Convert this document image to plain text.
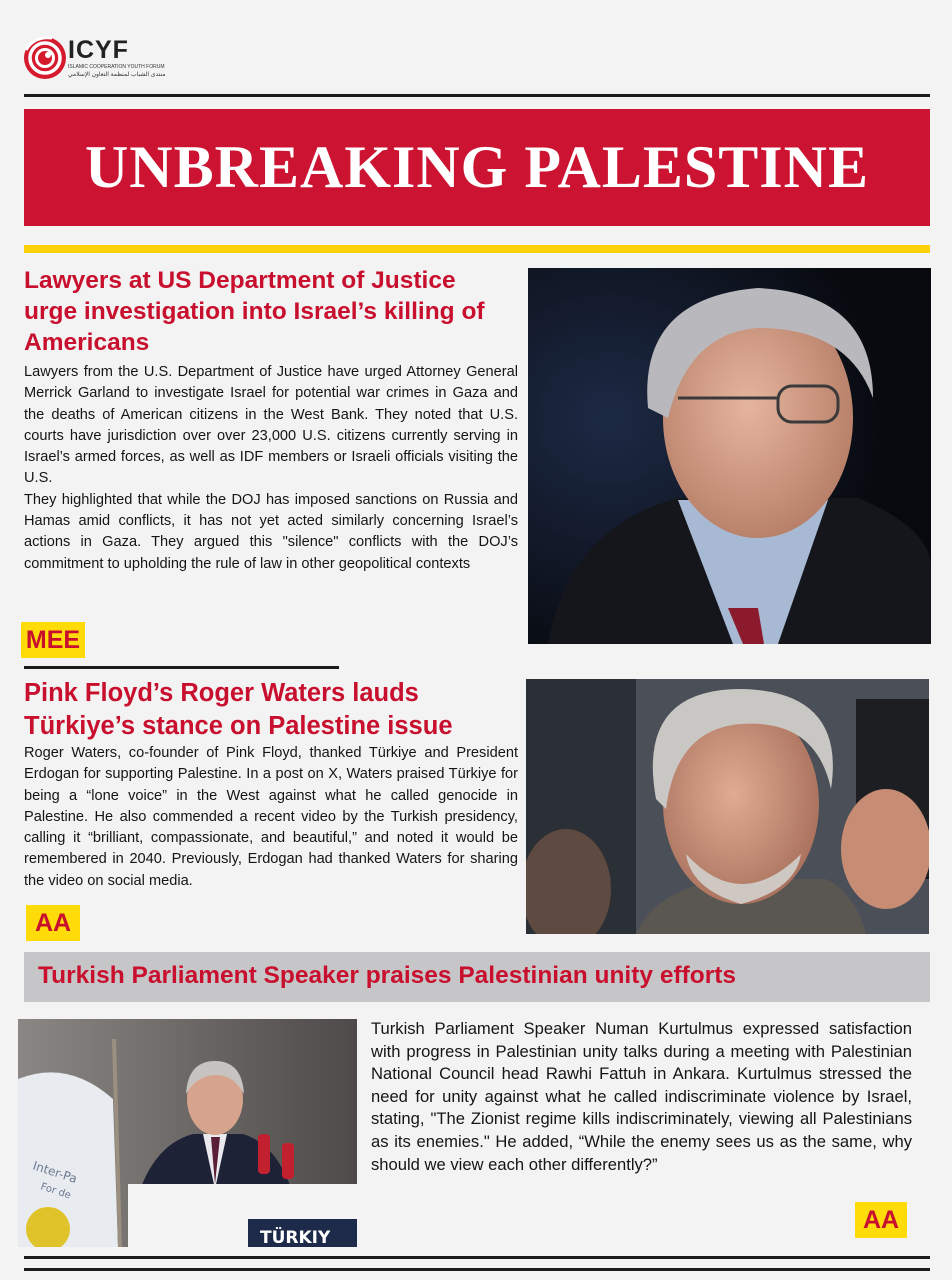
ICYF
ISLAMIC COOPERATION YOUTH FORUM
منتدى الشباب لمنظمة التعاون الإسلامي
UNBREAKING PALESTINE
Lawyers at US Department of Justice urge investigation into Israel’s killing of Americans
Lawyers from the U.S. Department of Justice have urged Attorney General Merrick Garland to investigate Israel for potential war crimes in Gaza and the deaths of American citizens in the West Bank. They noted that U.S. courts have jurisdiction over over 23,000 U.S. citizens currently serving in Israel’s armed forces, as well as IDF members or Israeli officials visiting the U.S.
They highlighted that while the DOJ has imposed sanctions on Russia and Hamas amid conflicts, it has not yet acted similarly concerning Israel’s actions in Gaza. They argued this "silence" conflicts with the DOJ’s commitment to upholding the rule of law in other geopolitical contexts
MEE
Pink Floyd’s Roger Waters lauds Türkiye’s stance on Palestine issue
Roger Waters, co-founder of Pink Floyd, thanked Türkiye and President Erdogan for supporting Palestine. In a post on X, Waters praised Türkiye for being a “lone voice” in the West against what he called genocide in Palestine. He also commended a recent video by the Turkish presidency, calling it “brilliant, compassionate, and beautiful,” and noted it would be remembered in 2040. Previously, Erdogan had thanked Waters for sharing the video on social media.
AA
Turkish Parliament Speaker praises Palestinian unity efforts
TÜRKIY
Inter-Pa
For de
Turkish Parliament Speaker Numan Kurtulmus expressed satisfaction with progress in Palestinian unity talks during a meeting with Palestinian National Council head Rawhi Fattuh in Ankara. Kurtulmus stressed the need for unity against what he called indiscriminate violence by Israel, stating, "The Zionist regime kills indiscriminately, viewing all Palestinians as its enemies." He added, “While the enemy sees us as the same, why should we view each other differently?”
AA
